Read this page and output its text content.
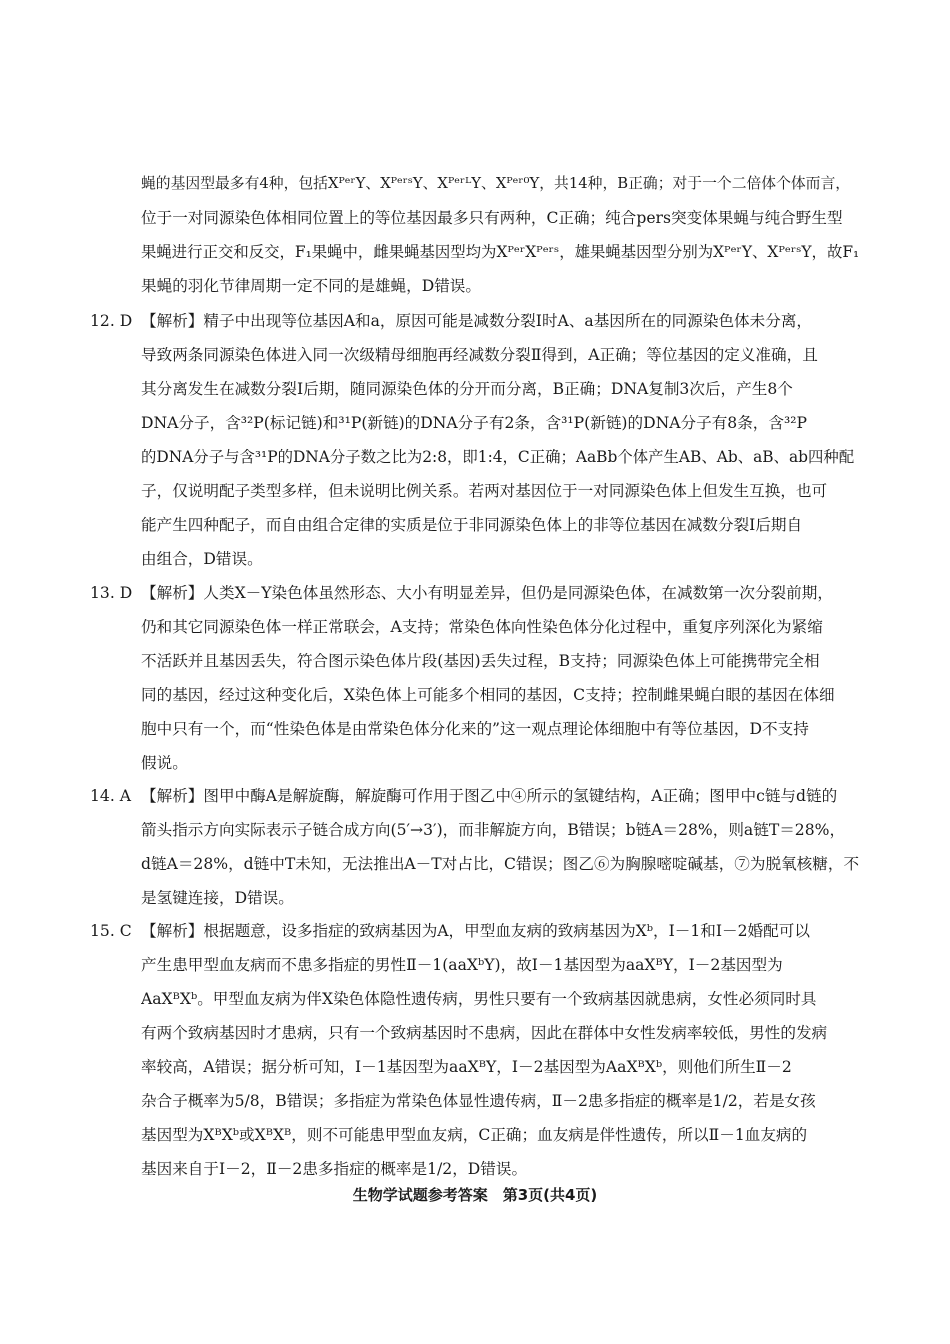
蝇的基因型最多有4种，包括XᴾᵉʳY、XᴾᵉʳˢY、XᴾᵉʳᴸY、Xᴾᵉʳ⁰Y，共14种，B正确；对于一个二倍体个体而言，
位于一对同源染色体相同位置上的等位基因最多只有两种，C正确；纯合pers突变体果蝇与纯合野生型
果蝇进行正交和反交，F₁果蝇中，雌果蝇基因型均为XᴾᵉʳXᴾᵉʳˢ，雄果蝇基因型分别为XᴾᵉʳY、XᴾᵉʳˢY，故F₁
果蝇的羽化节律周期一定不同的是雄蝇，D错误。
12. D 【解析】精子中出现等位基因A和a，原因可能是减数分裂Ⅰ时A、a基因所在的同源染色体未分离，
导致两条同源染色体进入同一次级精母细胞再经减数分裂Ⅱ得到，A正确；等位基因的定义准确，且
其分离发生在减数分裂Ⅰ后期，随同源染色体的分开而分离，B正确；DNA复制3次后，产生8个
DNA分子，含³²P(标记链)和³¹P(新链)的DNA分子有2条，含³¹P(新链)的DNA分子有8条，含³²P
的DNA分子与含³¹P的DNA分子数之比为2:8，即1:4，C正确；AaBb个体产生AB、Ab、aB、ab四种配
子，仅说明配子类型多样，但未说明比例关系。若两对基因位于一对同源染色体上但发生互换，也可
能产生四种配子，而自由组合定律的实质是位于非同源染色体上的非等位基因在减数分裂Ⅰ后期自
由组合，D错误。
13. D 【解析】人类X－Y染色体虽然形态、大小有明显差异，但仍是同源染色体，在减数第一次分裂前期，
仍和其它同源染色体一样正常联会，A支持；常染色体向性染色体分化过程中，重复序列深化为紧缩
不活跃并且基因丢失，符合图示染色体片段(基因)丢失过程，B支持；同源染色体上可能携带完全相
同的基因，经过这种变化后，X染色体上可能多个相同的基因，C支持；控制雌果蝇白眼的基因在体细
胞中只有一个，而“性染色体是由常染色体分化来的”这一观点理论体细胞中有等位基因，D不支持
假说。
14. A 【解析】图甲中酶A是解旋酶，解旋酶可作用于图乙中④所示的氢键结构，A正确；图甲中c链与d链的
箭头指示方向实际表示子链合成方向(5′→3′)，而非解旋方向，B错误；b链A＝28%，则a链T＝28%，
d链A＝28%，d链中T未知，无法推出A－T对占比，C错误；图乙⑥为胸腺嘧啶碱基，⑦为脱氧核糖，不
是氢键连接，D错误。
15. C 【解析】根据题意，设多指症的致病基因为A，甲型血友病的致病基因为Xᵇ，Ⅰ－1和Ⅰ－2婚配可以
产生患甲型血友病而不患多指症的男性Ⅱ－1(aaXᵇY)，故Ⅰ－1基因型为aaXᴮY，Ⅰ－2基因型为
AaXᴮXᵇ。甲型血友病为伴X染色体隐性遗传病，男性只要有一个致病基因就患病，女性必须同时具
有两个致病基因时才患病，只有一个致病基因时不患病，因此在群体中女性发病率较低，男性的发病
率较高，A错误；据分析可知，Ⅰ－1基因型为aaXᴮY，Ⅰ－2基因型为AaXᴮXᵇ，则他们所生Ⅱ－2
杂合子概率为5/8，B错误；多指症为常染色体显性遗传病，Ⅱ－2患多指症的概率是1/2，若是女孩
基因型为XᴮXᵇ或XᴮXᴮ，则不可能患甲型血友病，C正确；血友病是伴性遗传，所以Ⅱ－1血友病的
基因来自于Ⅰ－2，Ⅱ－2患多指症的概率是1/2，D错误。
生物学试题参考答案　第3页(共4页)
